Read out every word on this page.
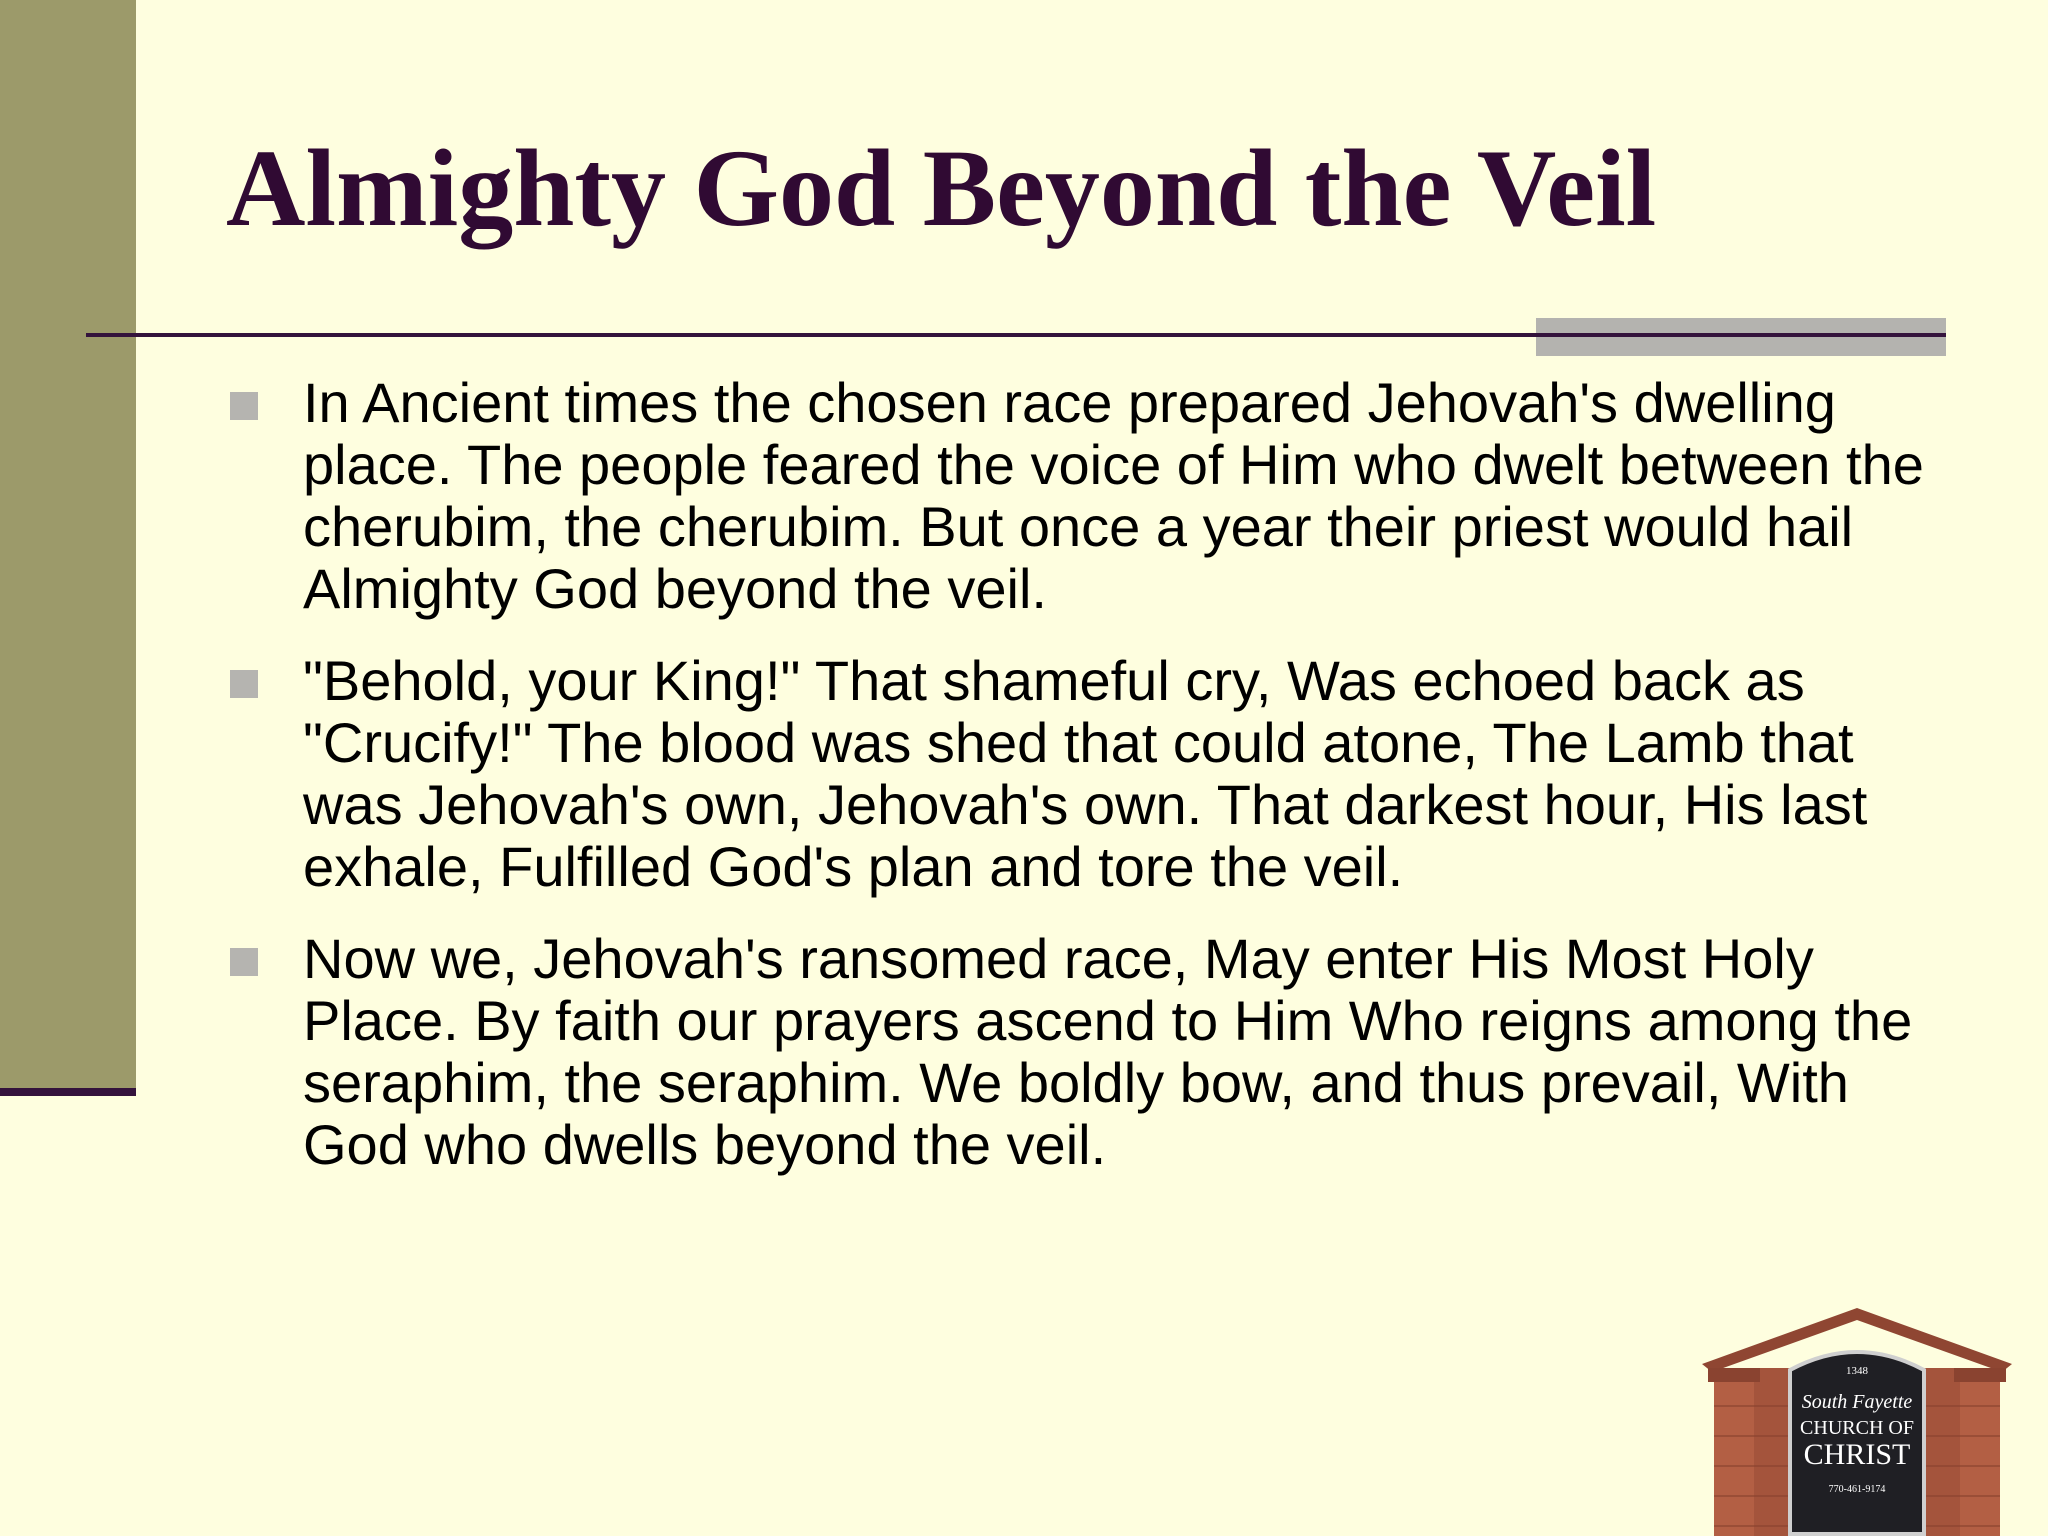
Almighty God Beyond the Veil
In Ancient times the chosen race prepared Jehovah's dwelling place. The people feared the voice of Him who dwelt between the cherubim, the cherubim. But once a year their priest would hail Almighty God beyond the veil.
"Behold, your King!" That shameful cry, Was echoed back as "Crucify!" The blood was shed that could atone, The Lamb that was Jehovah's own, Jehovah's own. That darkest hour, His last exhale, Fulfilled God's plan and tore the veil.
Now we, Jehovah's ransomed race, May enter His Most Holy Place. By faith our prayers ascend to Him Who reigns among the seraphim, the seraphim. We boldly bow, and thus prevail, With God who dwells beyond the veil.
1348
South Fayette
CHURCH OF
CHRIST
770-461-9174
